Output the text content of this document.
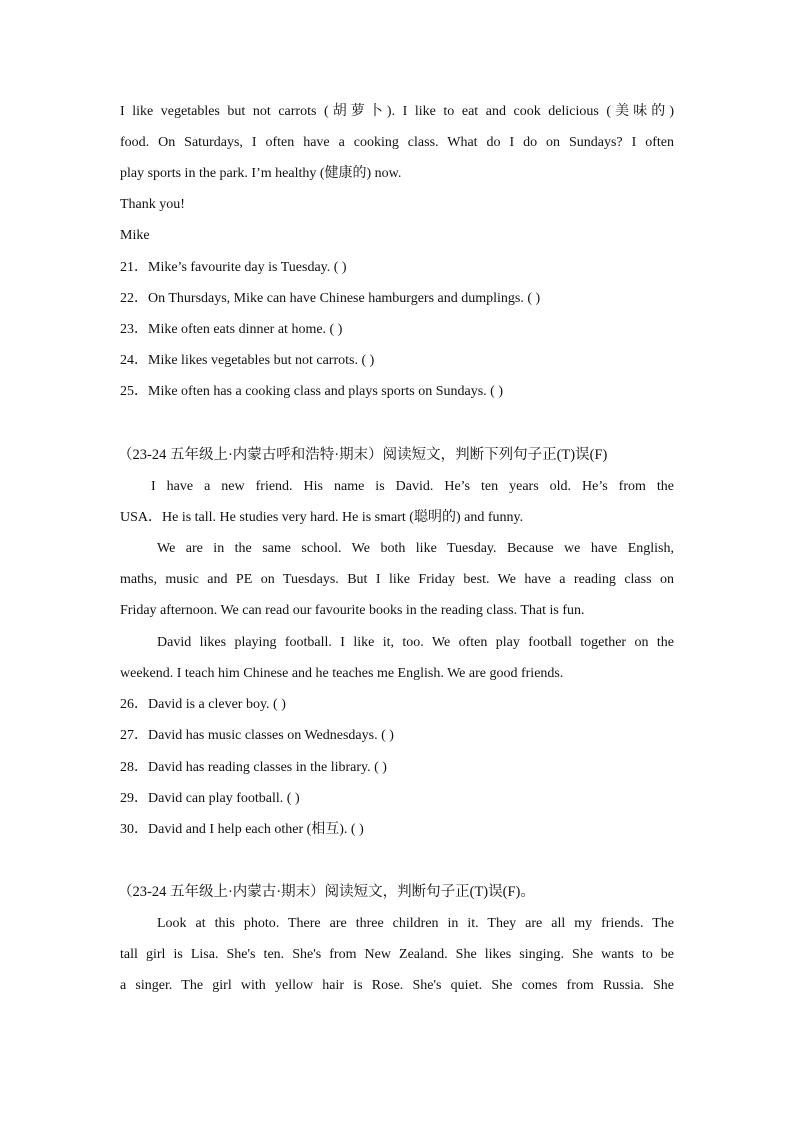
I like vegetables but not carrots (胡萝卜). I like to eat and cook delicious (美味的)
food. On Saturdays, I often have a cooking class. What do I do on Sundays? I often
play sports in the park. I’m healthy (健康的) now.
Thank you!
Mike
21．Mike’s favourite day is Tuesday. ( )
22．On Thursdays, Mike can have Chinese hamburgers and dumplings. ( )
23．Mike often eats dinner at home. ( )
24．Mike likes vegetables but not carrots. ( )
25．Mike often has a cooking class and plays sports on Sundays. ( )
（23-24 五年级上·内蒙古呼和浩特·期末）阅读短文，判断下列句子正(T)误(F)
I have a new friend. His name is David. He’s ten years old. He’s from the
USA．He is tall. He studies very hard. He is smart (聪明的) and funny.
We are in the same school. We both like Tuesday. Because we have English,
maths, music and PE on Tuesdays. But I like Friday best. We have a reading class on
Friday afternoon. We can read our favourite books in the reading class. That is fun.
David likes playing football. I like it, too. We often play football together on the
weekend. I teach him Chinese and he teaches me English. We are good friends.
26．David is a clever boy. ( )
27．David has music classes on Wednesdays. ( )
28．David has reading classes in the library. ( )
29．David can play football. ( )
30．David and I help each other (相互). ( )
（23-24 五年级上·内蒙古·期末）阅读短文，判断句子正(T)误(F)。
Look at this photo. There are three children in it. They are all my friends. The
tall girl is Lisa. She's ten. She's from New Zealand. She likes singing. She wants to be
a singer. The girl with yellow hair is Rose. She's quiet. She comes from Russia. She
